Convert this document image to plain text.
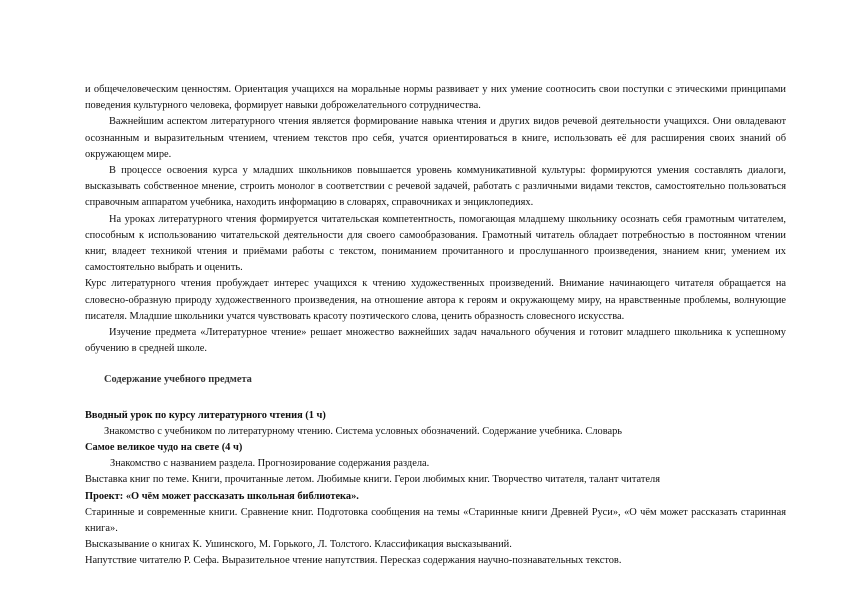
и общечеловеческим ценностям. Ориентация учащихся на моральные нормы развивает у них умение соотносить свои поступки с этическими принципами поведения культурного человека, формирует навыки доброжелательного сотрудничества.

Важнейшим аспектом литературного чтения является формирование навыка чтения и других видов речевой деятельности учащихся. Они овладевают осознанным и выразительным чтением, чтением текстов про себя, учатся ориентироваться в книге, использовать её для расширения своих знаний об окружающем мире.

В процессе освоения курса у младших школьников повышается уровень коммуникативной культуры: формируются умения составлять диалоги, высказывать собственное мнение, строить монолог в соответствии с речевой задачей, работать с различными видами текстов, самостоятельно пользоваться справочным аппаратом учебника, находить информацию в словарях, справочниках и энциклопедиях.

На уроках литературного чтения формируется читательская компетентность, помогающая младшему школьнику осознать себя грамотным читателем, способным к использованию читательской деятельности для своего самообразования. Грамотный читатель обладает потребностью в постоянном чтении книг, владеет техникой чтения и приёмами работы с текстом, пониманием прочитанного и прослушанного произведения, знанием книг, умением их самостоятельно выбрать и оценить.

Курс литературного чтения пробуждает интерес учащихся к чтению художественных произведений. Внимание начинающего читателя обращается на словесно-образную природу художественного произведения, на отношение автора к героям и окружающему миру, на нравственные проблемы, волнующие писателя. Младшие школьники учатся чувствовать красоту поэтического слова, ценить образность словесного искусства.

Изучение предмета «Литературное чтение» решает множество важнейших задач начального обучения и готовит младшего школьника к успешному обучению в средней школе.

Содержание учебного предмета

Вводный урок по курсу литературного чтения (1 ч)

Знакомство с учебником по литературному чтению. Система условных обозначений. Содержание учебника. Словарь

Самое великое чудо на свете (4 ч)

Знакомство с названием раздела. Прогнозирование содержания раздела.

Выставка книг по теме. Книги, прочитанные летом. Любимые книги. Герои любимых книг. Творчество читателя, талант читателя

Проект: «О чём может рассказать школьная библиотека».

Старинные и современные книги. Сравнение книг. Подготовка сообщения на темы «Старинные книги Древней Руси», «О чём может рассказать старинная книга».

Высказывание о книгах К. Ушинского, М. Горького, Л. Толстого. Классификация высказываний.

Напутствие читателю Р. Сефа. Выразительное чтение напутствия. Пересказ содержания научно-познавательных текстов.
